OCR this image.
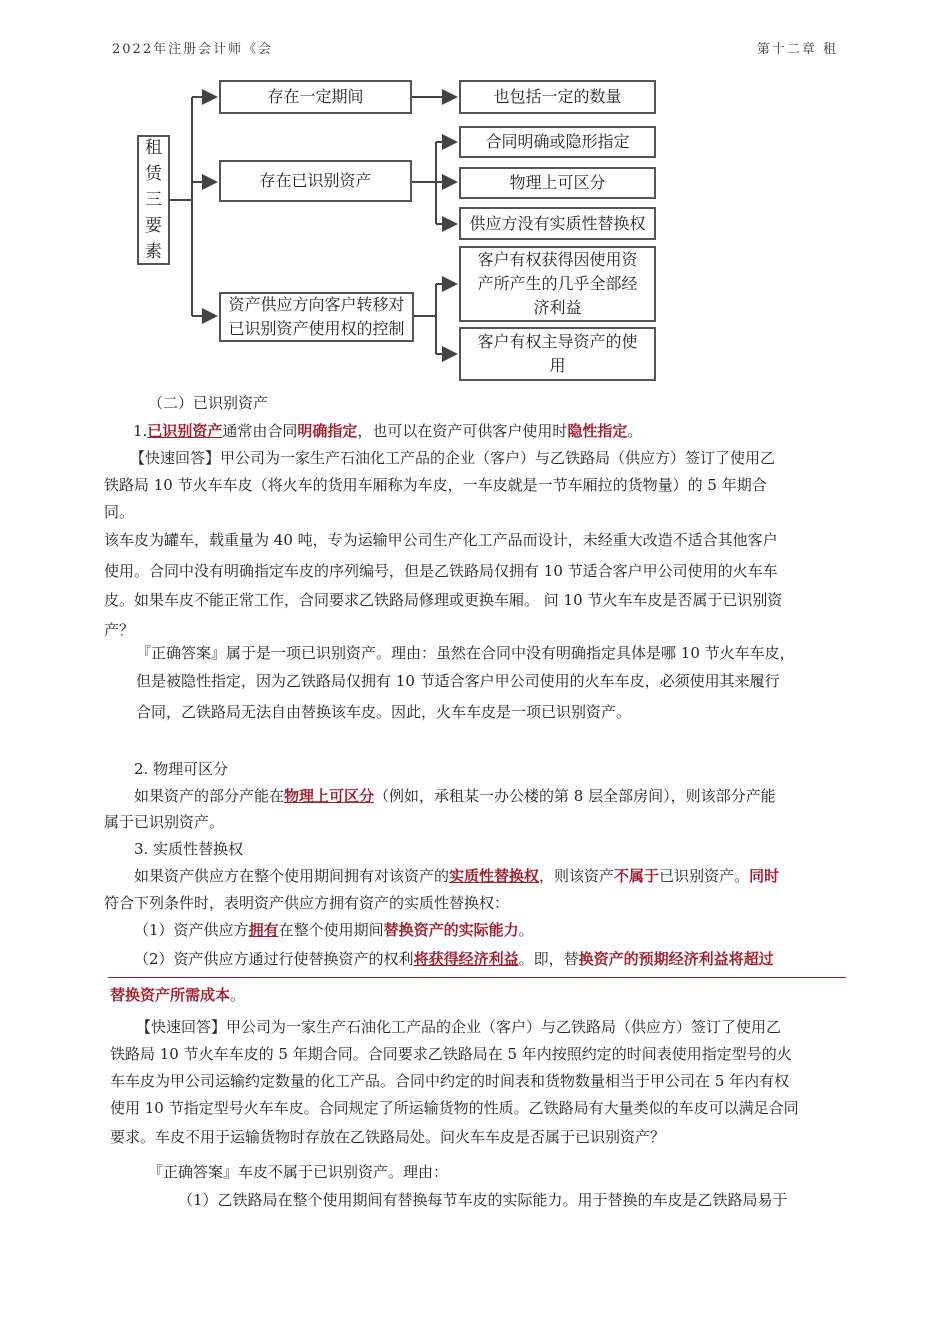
2022年注册会计师《会	第十二章 租
租
赁
三
要
素
存在一定期间
存在已识别资产
资产供应方向客户转移对已识别资产使用权的控制
也包括一定的数量
合同明确或隐形指定
物理上可区分
供应方没有实质性替换权
客户有权获得因使用资产所产生的几乎全部经济利益
客户有权主导资产的使用
（二）已识别资产
1.已识别资产通常由合同明确指定，也可以在资产可供客户使用时隐性指定。
【快速回答】甲公司为一家生产石油化工产品的企业（客户）与乙铁路局（供应方）签订了使用乙
铁路局 10 节火车车皮（将火车的货用车厢称为车皮，一车皮就是一节车厢拉的货物量）的 5 年期合
同。
该车皮为罐车，载重量为 40 吨，专为运输甲公司生产化工产品而设计，未经重大改造不适合其他客户
使用。合同中没有明确指定车皮的序列编号，但是乙铁路局仅拥有 10 节适合客户甲公司使用的火车车
皮。如果车皮不能正常工作，合同要求乙铁路局修理或更换车厢。 问 10 节火车车皮是否属于已识别资
产？
『正确答案』属于是一项已识别资产。理由：虽然在合同中没有明确指定具体是哪 10 节火车车皮，
但是被隐性指定，因为乙铁路局仅拥有 10 节适合客户甲公司使用的火车车皮，必须使用其来履行
合同，乙铁路局无法自由替换该车皮。因此，火车车皮是一项已识别资产。
2. 物理可区分
如果资产的部分产能在物理上可区分（例如，承租某一办公楼的第 8 层全部房间），则该部分产能
属于已识别资产。
3. 实质性替换权
如果资产供应方在整个使用期间拥有对该资产的实质性替换权，则该资产不属于已识别资产。同时
符合下列条件时，表明资产供应方拥有资产的实质性替换权：
（1）资产供应方拥有在整个使用期间替换资产的实际能力。
（2）资产供应方通过行使替换资产的权利将获得经济利益。即，替换资产的预期经济利益将超过
替换资产所需成本。
【快速回答】甲公司为一家生产石油化工产品的企业（客户）与乙铁路局（供应方）签订了使用乙
铁路局 10 节火车车皮的 5 年期合同。合同要求乙铁路局在 5 年内按照约定的时间表使用指定型号的火
车车皮为甲公司运输约定数量的化工产品。合同中约定的时间表和货物数量相当于甲公司在 5 年内有权
使用 10 节指定型号火车车皮。合同规定了所运输货物的性质。乙铁路局有大量类似的车皮可以满足合同
要求。车皮不用于运输货物时存放在乙铁路局处。问火车车皮是否属于已识别资产？
『正确答案』车皮不属于已识别资产。理由：
（1）乙铁路局在整个使用期间有替换每节车皮的实际能力。用于替换的车皮是乙铁路局易于
